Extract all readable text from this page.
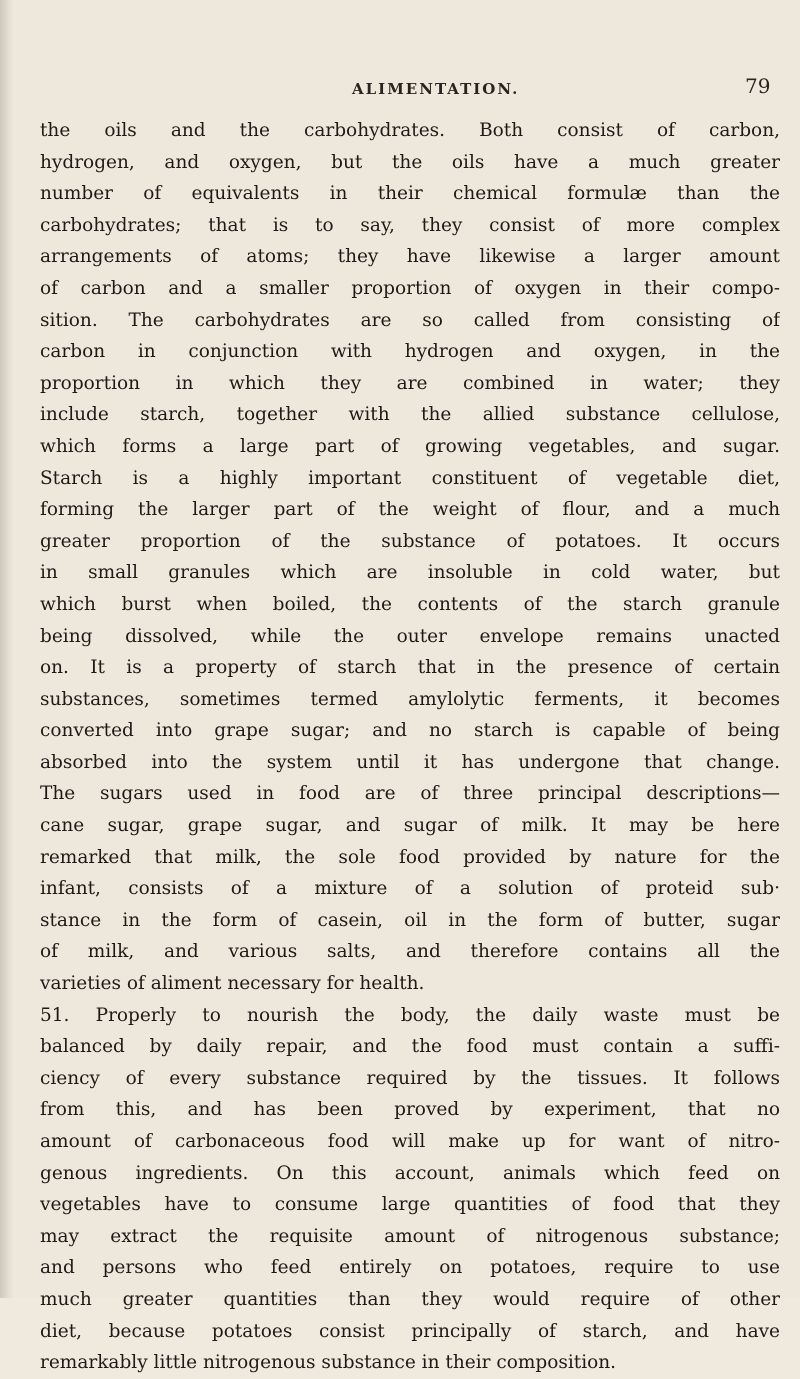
ALIMENTATION.	79
the oils and the carbohydrates. Both consist of carbon,
hydrogen, and oxygen, but the oils have a much greater
number of equivalents in their chemical formulæ than the
carbohydrates; that is to say, they consist of more complex
arrangements of atoms; they have likewise a larger amount
of carbon and a smaller proportion of oxygen in their compo-
sition. The carbohydrates are so called from consisting of
carbon in conjunction with hydrogen and oxygen, in the
proportion in which they are combined in water; they
include starch, together with the allied substance cellulose,
which forms a large part of growing vegetables, and sugar.
Starch is a highly important constituent of vegetable diet,
forming the larger part of the weight of flour, and a much
greater proportion of the substance of potatoes. It occurs
in small granules which are insoluble in cold water, but
which burst when boiled, the contents of the starch granule
being dissolved, while the outer envelope remains unacted
on. It is a property of starch that in the presence of certain
substances, sometimes termed amylolytic ferments, it becomes
converted into grape sugar; and no starch is capable of being
absorbed into the system until it has undergone that change.
The sugars used in food are of three principal descriptions—
cane sugar, grape sugar, and sugar of milk. It may be here
remarked that milk, the sole food provided by nature for the
infant, consists of a mixture of a solution of proteid sub·
stance in the form of casein, oil in the form of butter, sugar
of milk, and various salts, and therefore contains all the
varieties of aliment necessary for health.
51. Properly to nourish the body, the daily waste must be
balanced by daily repair, and the food must contain a suffi-
ciency of every substance required by the tissues. It follows
from this, and has been proved by experiment, that no
amount of carbonaceous food will make up for want of nitro-
genous ingredients. On this account, animals which feed on
vegetables have to consume large quantities of food that they
may extract the requisite amount of nitrogenous substance;
and persons who feed entirely on potatoes, require to use
much greater quantities than they would require of other
diet, because potatoes consist principally of starch, and have
remarkably little nitrogenous substance in their composition.
